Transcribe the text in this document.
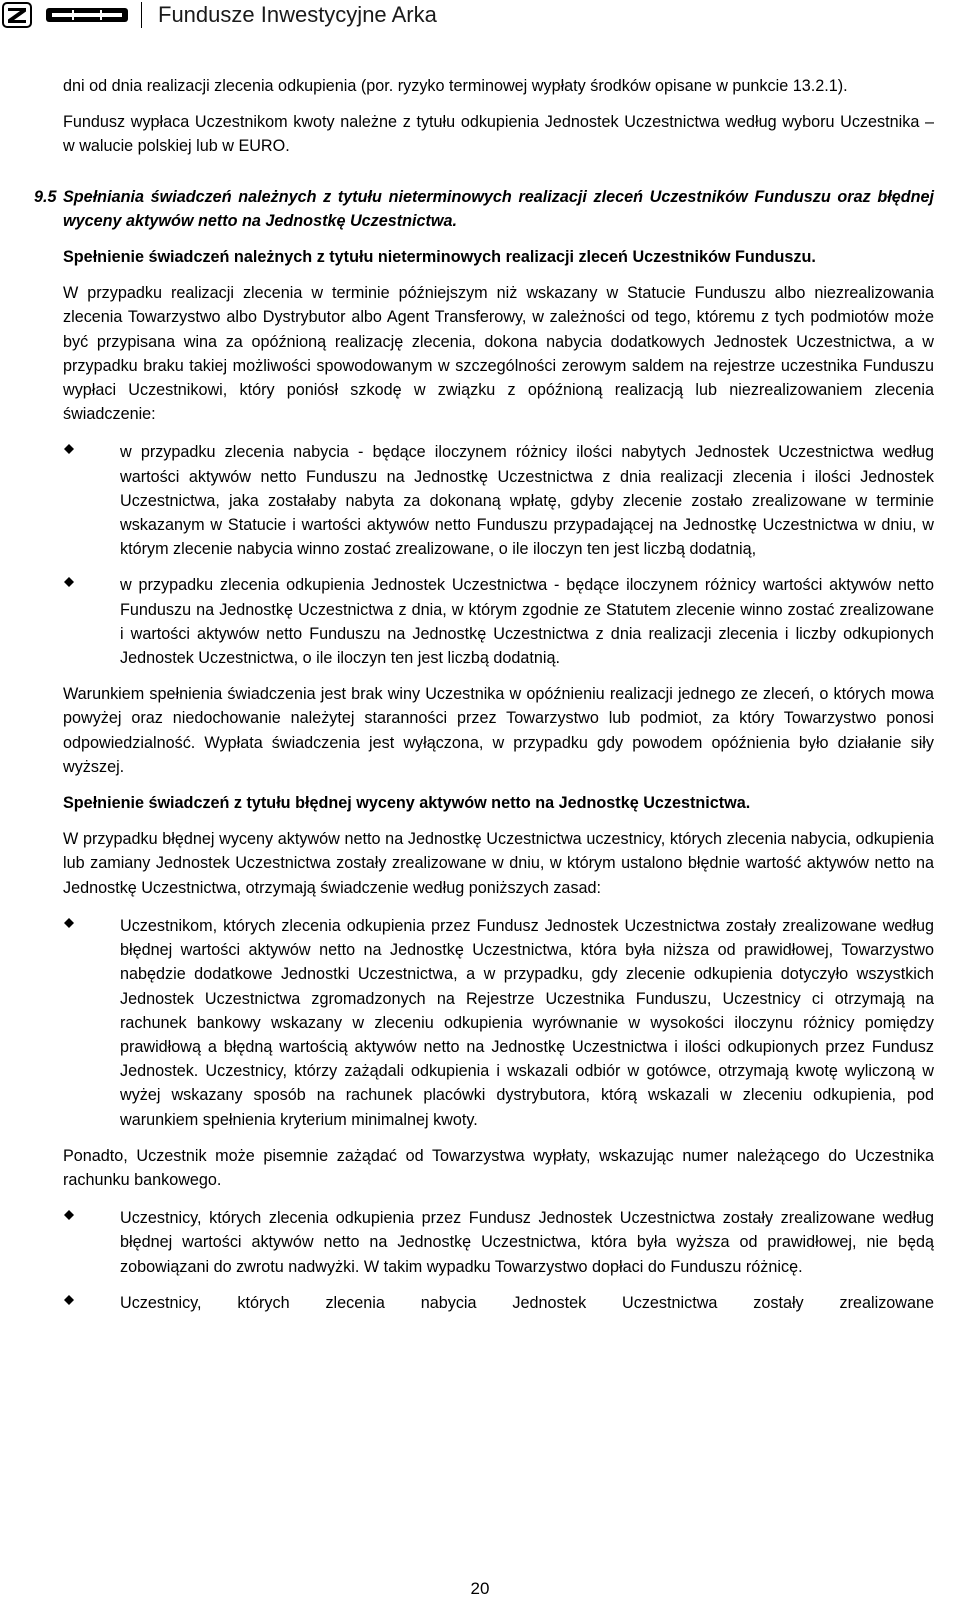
Fundusze Inwestycyjne Arka

dni od dnia realizacji zlecenia odkupienia (por. ryzyko terminowej wypłaty środków opisane w punkcie 13.2.1).

Fundusz wypłaca Uczestnikom kwoty należne z tytułu odkupienia Jednostek Uczestnictwa według wyboru Uczestnika – w walucie polskiej lub w EURO.

9.5 Spełniania świadczeń należnych z tytułu nieterminowych realizacji zleceń Uczestników Funduszu oraz błędnej wyceny aktywów netto na Jednostkę Uczestnictwa.

Spełnienie świadczeń należnych z tytułu nieterminowych realizacji zleceń Uczestników Funduszu.

W przypadku realizacji zlecenia w terminie późniejszym niż wskazany w Statucie Funduszu albo niezrealizowania zlecenia Towarzystwo albo Dystrybutor albo Agent Transferowy, w zależności od tego, któremu z tych podmiotów może być przypisana wina za opóźnioną realizację zlecenia, dokona nabycia dodatkowych Jednostek Uczestnictwa, a w przypadku braku takiej możliwości spowodowanym w szczególności zerowym saldem na rejestrze uczestnika Funduszu wypłaci Uczestnikowi, który poniósł szkodę w związku z opóźnioną realizacją lub niezrealizowaniem zlecenia świadczenie:

w przypadku zlecenia nabycia - będące iloczynem różnicy ilości nabytych Jednostek Uczestnictwa według wartości aktywów netto Funduszu na Jednostkę Uczestnictwa z dnia realizacji zlecenia i ilości Jednostek Uczestnictwa, jaka zostałaby nabyta za dokonaną wpłatę, gdyby zlecenie zostało zrealizowane w terminie wskazanym w Statucie i wartości aktywów netto Funduszu przypadającej na Jednostkę Uczestnictwa w dniu, w którym zlecenie nabycia winno zostać zrealizowane, o ile iloczyn ten jest liczbą dodatnią,
w przypadku zlecenia odkupienia Jednostek Uczestnictwa - będące iloczynem różnicy wartości aktywów netto Funduszu na Jednostkę Uczestnictwa z dnia, w którym zgodnie ze Statutem zlecenie winno zostać zrealizowane i wartości aktywów netto Funduszu na Jednostkę Uczestnictwa z dnia realizacji zlecenia i liczby odkupionych Jednostek Uczestnictwa, o ile iloczyn ten jest liczbą dodatnią.

Warunkiem spełnienia świadczenia jest brak winy Uczestnika w opóźnieniu realizacji jednego ze zleceń, o których mowa powyżej oraz niedochowanie należytej staranności przez Towarzystwo lub podmiot, za który Towarzystwo ponosi odpowiedzialność. Wypłata świadczenia jest wyłączona, w przypadku gdy powodem opóźnienia było działanie siły wyższej.

Spełnienie świadczeń z tytułu błędnej wyceny aktywów netto na Jednostkę Uczestnictwa.

W przypadku błędnej wyceny aktywów netto na Jednostkę Uczestnictwa uczestnicy, których zlecenia nabycia, odkupienia lub zamiany Jednostek Uczestnictwa zostały zrealizowane w dniu, w którym ustalono błędnie wartość aktywów netto na Jednostkę Uczestnictwa, otrzymają świadczenie według poniższych zasad:

Uczestnikom, których zlecenia odkupienia przez Fundusz Jednostek Uczestnictwa zostały zrealizowane według błędnej wartości aktywów netto na Jednostkę Uczestnictwa, która była niższa od prawidłowej, Towarzystwo nabędzie dodatkowe Jednostki Uczestnictwa, a w przypadku, gdy zlecenie odkupienia dotyczyło wszystkich Jednostek Uczestnictwa zgromadzonych na Rejestrze Uczestnika Funduszu, Uczestnicy ci otrzymają na rachunek bankowy wskazany w zleceniu odkupienia wyrównanie w wysokości iloczynu różnicy pomiędzy prawidłową a błędną wartością aktywów netto na Jednostkę Uczestnictwa i ilości odkupionych przez Fundusz Jednostek. Uczestnicy, którzy zażądali odkupienia i wskazali odbiór w gotówce, otrzymają kwotę wyliczoną w wyżej wskazany sposób na rachunek placówki dystrybutora, którą wskazali w zleceniu odkupienia, pod warunkiem spełnienia kryterium minimalnej kwoty.

Ponadto, Uczestnik może pisemnie zażądać od Towarzystwa wypłaty, wskazując numer należącego do Uczestnika rachunku bankowego.

Uczestnicy, których zlecenia odkupienia przez Fundusz Jednostek Uczestnictwa zostały zrealizowane według błędnej wartości aktywów netto na Jednostkę Uczestnictwa, która była wyższa od prawidłowej, nie będą zobowiązani do zwrotu nadwyżki. W takim wypadku Towarzystwo dopłaci do Funduszu różnicę.
Uczestnicy, których zlecenia nabycia Jednostek Uczestnictwa zostały zrealizowane
20
